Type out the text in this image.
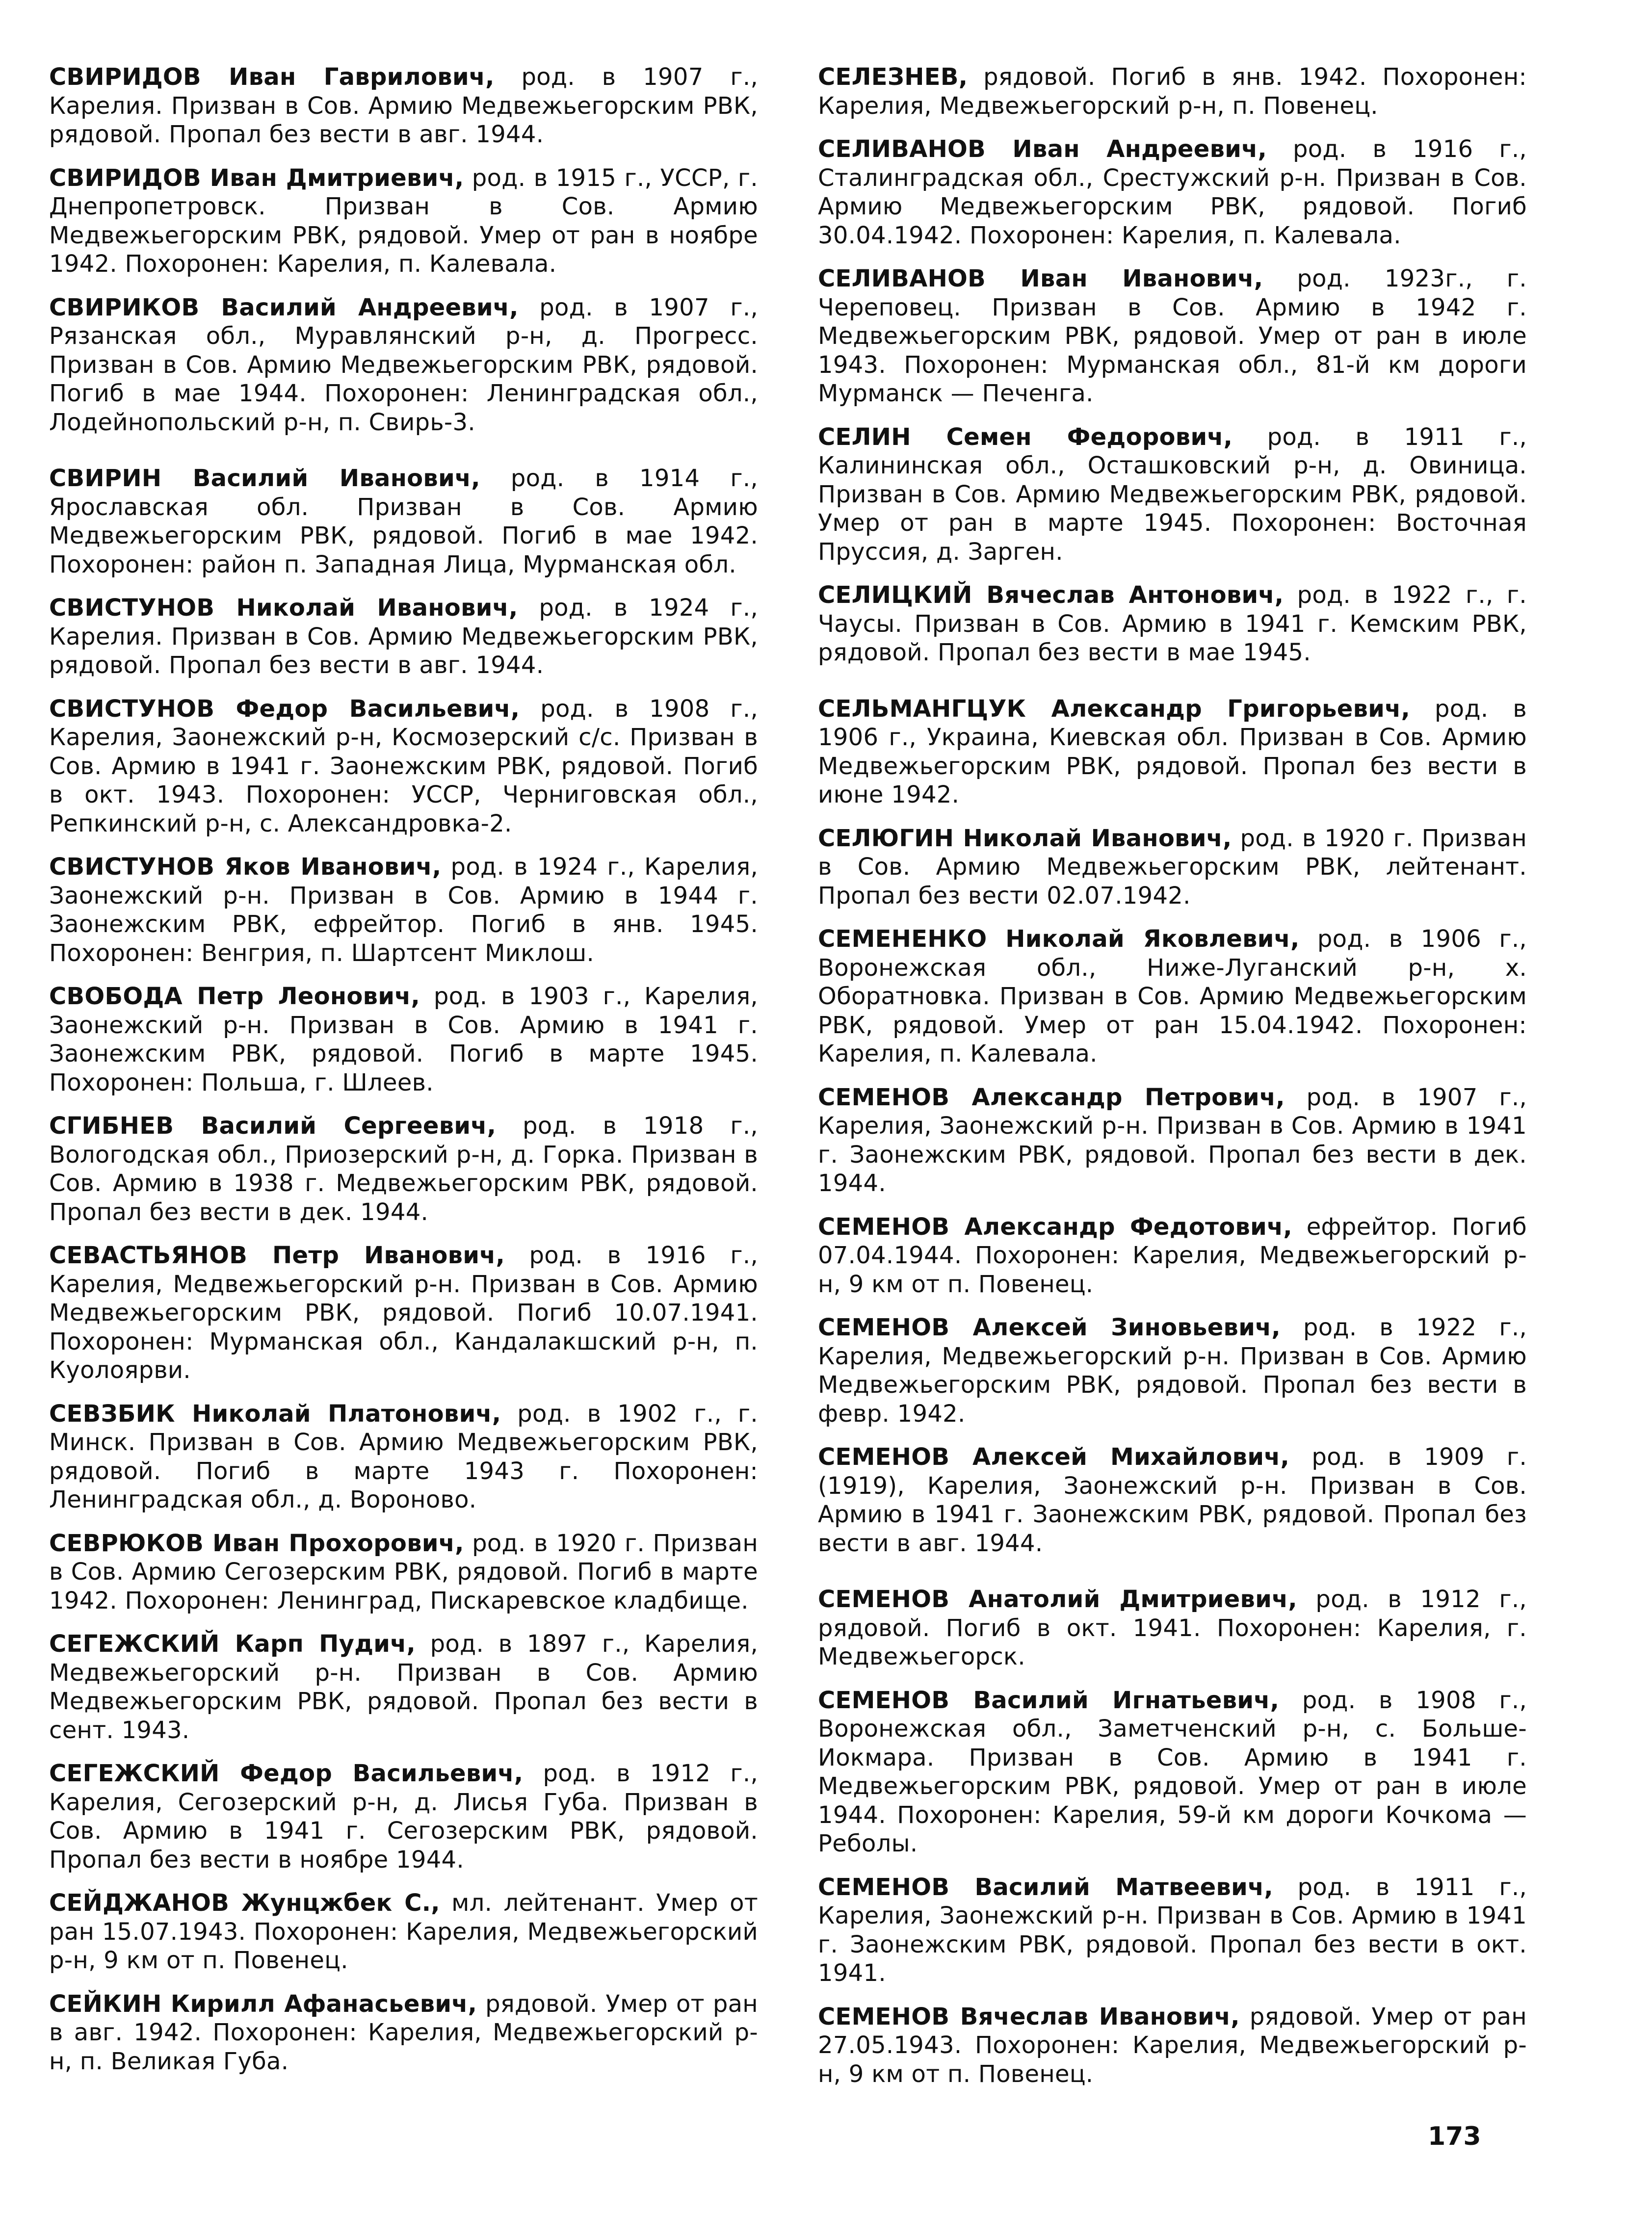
СВИРИДОВ Иван Гаврилович, род. в 1907 г., Карелия. Призван в Сов. Армию Медвежьегорским РВК, рядовой. Пропал без вести в авг. 1944.

СВИРИДОВ Иван Дмитриевич, род. в 1915 г., УССР, г. Днепропетровск. Призван в Сов. Армию Медвежьегорским РВК, рядовой. Умер от ран в ноябре 1942. Похоронен: Карелия, п. Калевала.

СВИРИКОВ Василий Андреевич, род. в 1907 г., Рязанская обл., Муравлянский р-н, д. Прогресс. Призван в Сов. Армию Медвежьегорским РВК, рядовой. Погиб в мае 1944. Похоронен: Ленинградская обл., Лодейнопольский р-н, п. Свирь-3.

СВИРИН Василий Иванович, род. в 1914 г., Ярославская обл. Призван в Сов. Армию Медвежьегорским РВК, рядовой. Погиб в мае 1942. Похоронен: район п. Западная Лица, Мурманская обл.

СВИСТУНОВ Николай Иванович, род. в 1924 г., Карелия. Призван в Сов. Армию Медвежьегорским РВК, рядовой. Пропал без вести в авг. 1944.

СВИСТУНОВ Федор Васильевич, род. в 1908 г., Карелия, Заонежский р-н, Космозерский с/с. Призван в Сов. Армию в 1941 г. Заонежским РВК, рядовой. Погиб в окт. 1943. Похоронен: УССР, Черниговская обл., Репкинский р-н, с. Александровка-2.

СВИСТУНОВ Яков Иванович, род. в 1924 г., Карелия, Заонежский р-н. Призван в Сов. Армию в 1944 г. Заонежским РВК, ефрейтор. Погиб в янв. 1945. Похоронен: Венгрия, п. Шартсент Миклош.

СВОБОДА Петр Леонович, род. в 1903 г., Карелия, Заонежский р-н. Призван в Сов. Армию в 1941 г. Заонежским РВК, рядовой. Погиб в марте 1945. Похоронен: Польша, г. Шлеев.

СГИБНЕВ Василий Сергеевич, род. в 1918 г., Вологодская обл., Приозерский р-н, д. Горка. Призван в Сов. Армию в 1938 г. Медвежьегорским РВК, рядовой. Пропал без вести в дек. 1944.

СЕВАСТЬЯНОВ Петр Иванович, род. в 1916 г., Карелия, Медвежьегорский р-н. Призван в Сов. Армию Медвежьегорским РВК, рядовой. Погиб 10.07.1941. Похоронен: Мурманская обл., Кандалакшский р-н, п. Куолоярви.

СЕВЗБИК Николай Платонович, род. в 1902 г., г. Минск. Призван в Сов. Армию Медвежьегорским РВК, рядовой. Погиб в марте 1943 г. Похоронен: Ленинградская обл., д. Вороново.

СЕВРЮКОВ Иван Прохорович, род. в 1920 г. Призван в Сов. Армию Сегозерским РВК, рядовой. Погиб в марте 1942. Похоронен: Ленинград, Пискаревское кладбище.

СЕГЕЖСКИЙ Карп Пудич, род. в 1897 г., Карелия, Медвежьегорский р-н. Призван в Сов. Армию Медвежьегорским РВК, рядовой. Пропал без вести в сент. 1943.

СЕГЕЖСКИЙ Федор Васильевич, род. в 1912 г., Карелия, Сегозерский р-н, д. Лисья Губа. Призван в Сов. Армию в 1941 г. Сегозерским РВК, рядовой. Пропал без вести в ноябре 1944.

СЕЙДЖАНОВ Жунцжбек С., мл. лейтенант. Умер от ран 15.07.1943. Похоронен: Карелия, Медвежьегорский р-н, 9 км от п. Повенец.

СЕЙКИН Кирилл Афанасьевич, рядовой. Умер от ран в авг. 1942. Похоронен: Карелия, Медвежьегорский р-н, п. Великая Губа.

СЕЛЕЗНЕВ, рядовой. Погиб в янв. 1942. Похоронен: Карелия, Медвежьегорский р-н, п. Повенец.

СЕЛИВАНОВ Иван Андреевич, род. в 1916 г., Сталинградская обл., Срестужский р-н. Призван в Сов. Армию Медвежьегорским РВК, рядовой. Погиб 30.04.1942. Похоронен: Карелия, п. Калевала.

СЕЛИВАНОВ Иван Иванович, род. 1923г., г. Череповец. Призван в Сов. Армию в 1942 г. Медвежьегорским РВК, рядовой. Умер от ран в июле 1943. Похоронен: Мурманская обл., 81-й км дороги Мурманск — Печенга.

СЕЛИН Семен Федорович, род. в 1911 г., Калининская обл., Осташковский р-н, д. Овиница. Призван в Сов. Армию Медвежьегорским РВК, рядовой. Умер от ран в марте 1945. Похоронен: Восточная Пруссия, д. Зарген.

СЕЛИЦКИЙ Вячеслав Антонович, род. в 1922 г., г. Чаусы. Призван в Сов. Армию в 1941 г. Кемским РВК, рядовой. Пропал без вести в мае 1945.

СЕЛЬМАНГЦУК Александр Григорьевич, род. в 1906 г., Украина, Киевская обл. Призван в Сов. Армию Медвежьегорским РВК, рядовой. Пропал без вести в июне 1942.

СЕЛЮГИН Николай Иванович, род. в 1920 г. Призван в Сов. Армию Медвежьегорским РВК, лейтенант. Пропал без вести 02.07.1942.

СЕМЕНЕНКО Николай Яковлевич, род. в 1906 г., Воронежская обл., Ниже-Луганский р-н, х. Оборатновка. Призван в Сов. Армию Медвежьегорским РВК, рядовой. Умер от ран 15.04.1942. Похоронен: Карелия, п. Калевала.

СЕМЕНОВ Александр Петрович, род. в 1907 г., Карелия, Заонежский р-н. Призван в Сов. Армию в 1941 г. Заонежским РВК, рядовой. Пропал без вести в дек. 1944.

СЕМЕНОВ Александр Федотович, ефрейтор. Погиб 07.04.1944. Похоронен: Карелия, Медвежьегорский р-н, 9 км от п. Повенец.

СЕМЕНОВ Алексей Зиновьевич, род. в 1922 г., Карелия, Медвежьегорский р-н. Призван в Сов. Армию Медвежьегорским РВК, рядовой. Пропал без вести в февр. 1942.

СЕМЕНОВ Алексей Михайлович, род. в 1909 г. (1919), Карелия, Заонежский р-н. Призван в Сов. Армию в 1941 г. Заонежским РВК, рядовой. Пропал без вести в авг. 1944.

СЕМЕНОВ Анатолий Дмитриевич, род. в 1912 г., рядовой. Погиб в окт. 1941. Похоронен: Карелия, г. Медвежьегорск.

СЕМЕНОВ Василий Игнатьевич, род. в 1908 г., Воронежская обл., Заметченский р-н, с. Больше-Иокмара. Призван в Сов. Армию в 1941 г. Медвежьегорским РВК, рядовой. Умер от ран в июле 1944. Похоронен: Карелия, 59-й км дороги Кочкома — Реболы.

СЕМЕНОВ Василий Матвеевич, род. в 1911 г., Карелия, Заонежский р-н. Призван в Сов. Армию в 1941 г. Заонежским РВК, рядовой. Пропал без вести в окт. 1941.

СЕМЕНОВ Вячеслав Иванович, рядовой. Умер от ран 27.05.1943. Похоронен: Карелия, Медвежьегорский р-н, 9 км от п. Повенец.

173
